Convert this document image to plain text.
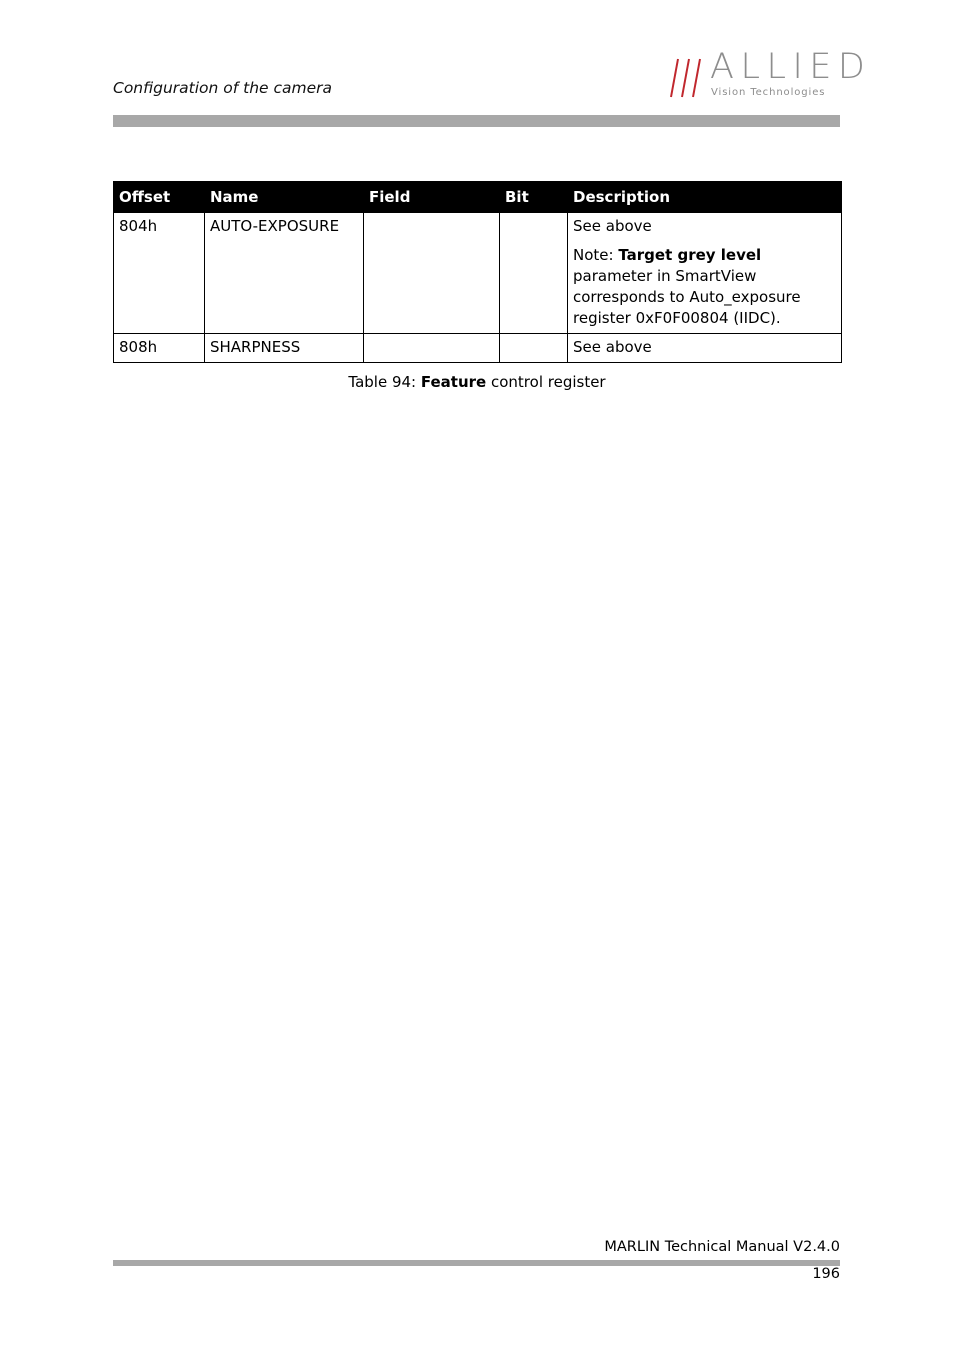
Configuration of the camera
ALLIED
Vision Technologies
Offset	Name	Field	Bit	Description
804h	AUTO-EXPOSURE			See above

Note: Target grey level parameter in SmartView corresponds to Auto_exposure register 0xF0F00804 (IIDC).

808h	SHARPNESS			See above

Table 94: Feature control register
MARLIN Technical Manual V2.4.0
196
